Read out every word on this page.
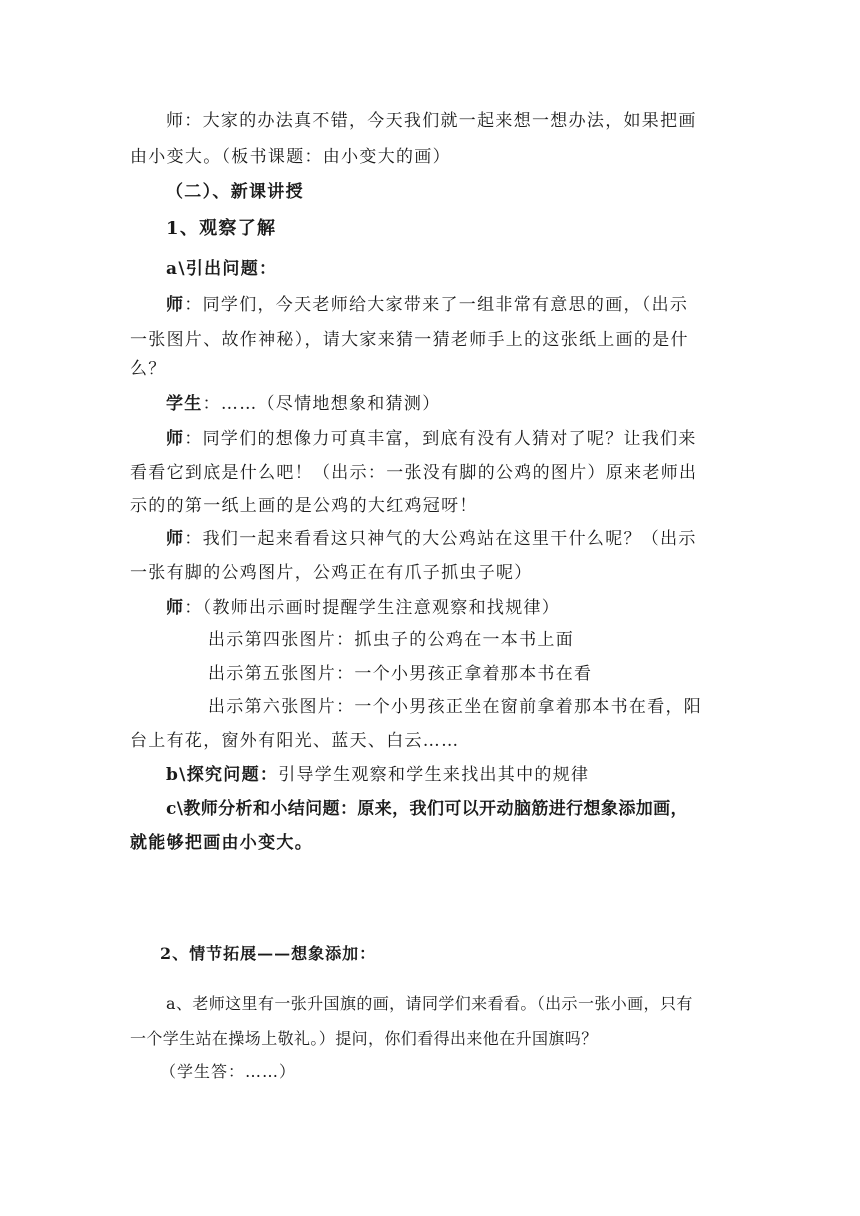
师：大家的办法真不错，今天我们就一起来想一想办法，如果把画
由小变大。（板书课题：由小变大的画）
（二）、新课讲授
1、观察了解
a\引出问题：
师：同学们，今天老师给大家带来了一组非常有意思的画，（出示
一张图片、故作神秘），请大家来猜一猜老师手上的这张纸上画的是什
么？
学生：……（尽情地想象和猜测）
师：同学们的想像力可真丰富，到底有没有人猜对了呢？让我们来
看看它到底是什么吧！（出示：一张没有脚的公鸡的图片）原来老师出
示的的第一纸上画的是公鸡的大红鸡冠呀！
师：我们一起来看看这只神气的大公鸡站在这里干什么呢？（出示
一张有脚的公鸡图片，公鸡正在有爪子抓虫子呢）
师：（教师出示画时提醒学生注意观察和找规律）
出示第四张图片：抓虫子的公鸡在一本书上面
出示第五张图片：一个小男孩正拿着那本书在看
出示第六张图片：一个小男孩正坐在窗前拿着那本书在看，阳
台上有花，窗外有阳光、蓝天、白云……
b\探究问题：引导学生观察和学生来找出其中的规律
c\教师分析和小结问题：原来，我们可以开动脑筋进行想象添加画，
就能够把画由小变大。
2、情节拓展——想象添加：
a、老师这里有一张升国旗的画，请同学们来看看。（出示一张小画，只有
一个学生站在操场上敬礼。）提问，你们看得出来他在升国旗吗？
（学生答：……）
